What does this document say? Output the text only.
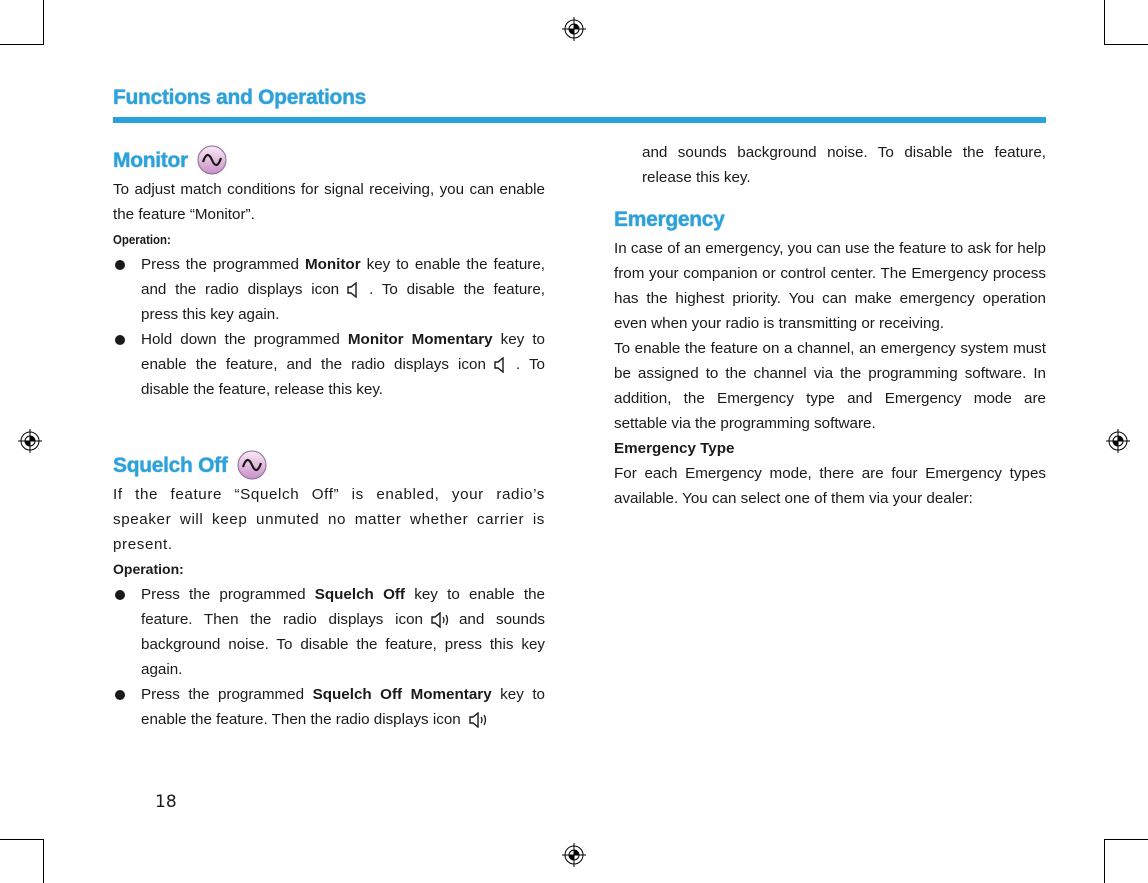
Functions and Operations
Monitor

To adjust match conditions for signal receiving, you can enable the feature “Monitor”.

Operation:
Press the programmed Monitor key to enable the feature, and the radio displays icon . To disable the feature, press this key again.
Hold down the programmed Monitor Momentary key to enable the feature, and the radio displays icon . To disable the feature, release this key.
Squelch Off

If the feature “Squelch Off” is enabled, your radio’s speaker will keep unmuted no matter whether carrier is present.

Operation:
Press the programmed Squelch Off key to enable the feature. Then the radio displays icon and sounds background noise. To disable the feature, press this key again.
Press the programmed Squelch Off Momentary key to enable the feature. Then the radio displays icon

and sounds background noise. To disable the feature, release this key.

Emergency

In case of an emergency, you can use the feature to ask for help from your companion or control center. The Emergency process has the highest priority. You can make emergency operation even when your radio is transmitting or receiving.

To enable the feature on a channel, an emergency system must be assigned to the channel via the programming software. In addition, the Emergency type and Emergency mode are settable via the programming software.

Emergency Type

For each Emergency mode, there are four Emergency types available. You can select one of them via your dealer:

18
